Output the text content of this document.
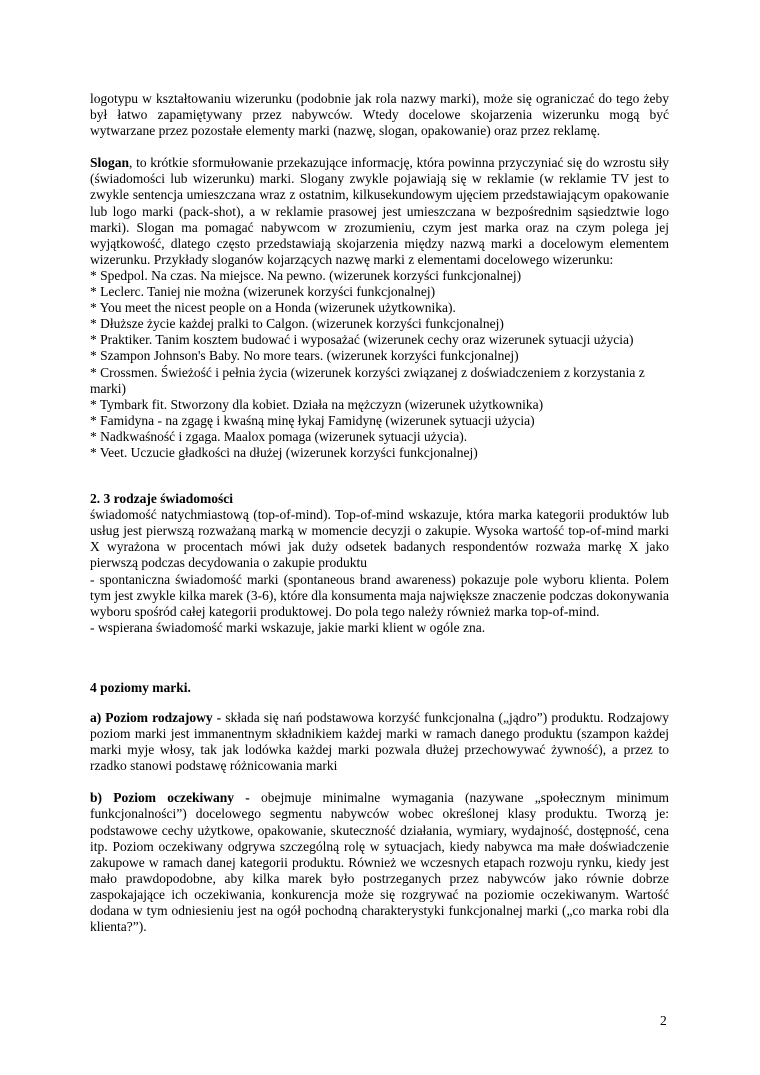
logotypu w kształtowaniu wizerunku (podobnie jak rola nazwy marki), może się ograniczać do tego żeby był łatwo zapamiętywany przez nabywców. Wtedy docelowe skojarzenia wizerunku mogą być wytwarzane przez pozostałe elementy marki (nazwę, slogan, opakowanie) oraz przez reklamę.

Slogan, to krótkie sformułowanie przekazujące informację, która powinna przyczyniać się do wzrostu siły (świadomości lub wizerunku) marki. Slogany zwykle pojawiają się w reklamie (w reklamie TV jest to zwykle sentencja umieszczana wraz z ostatnim, kilkusekundowym ujęciem przedstawiającym opakowanie lub logo marki (pack-shot), a w reklamie prasowej jest umieszczana w bezpośrednim sąsiedztwie logo marki). Slogan ma pomagać nabywcom w zrozumieniu, czym jest marka oraz na czym polega jej wyjątkowość, dlatego często przedstawiają skojarzenia między nazwą marki a docelowym elementem wizerunku. Przykłady sloganów kojarzących nazwę marki z elementami docelowego wizerunku:

* Spedpol. Na czas. Na miejsce. Na pewno. (wizerunek korzyści funkcjonalnej)

* Leclerc. Taniej nie można (wizerunek korzyści funkcjonalnej)

* You meet the nicest people on a Honda (wizerunek użytkownika).

* Dłuższe życie każdej pralki to Calgon. (wizerunek korzyści funkcjonalnej)

* Praktiker. Tanim kosztem budować i wyposażać (wizerunek cechy oraz wizerunek sytuacji użycia)

* Szampon Johnson's Baby. No more tears. (wizerunek korzyści funkcjonalnej)

* Crossmen. Świeżość i pełnia życia (wizerunek korzyści związanej z doświadczeniem z korzystania z marki)

* Tymbark fit. Stworzony dla kobiet. Działa na mężczyzn (wizerunek użytkownika)

* Famidyna - na zgagę i kwaśną minę łykaj Famidynę (wizerunek sytuacji użycia)

* Nadkwaśność i zgaga. Maalox pomaga (wizerunek sytuacji użycia).

* Veet. Uczucie gładkości na dłużej (wizerunek korzyści funkcjonalnej)

2. 3 rodzaje świadomości

świadomość natychmiastową (top-of-mind). Top-of-mind wskazuje, która marka kategorii produktów lub usług jest pierwszą rozważaną marką w momencie decyzji o zakupie. Wysoka wartość top-of-mind marki X wyrażona w procentach mówi jak duży odsetek badanych respondentów rozważa markę X jako pierwszą podczas decydowania o zakupie produktu

- spontaniczna świadomość marki (spontaneous brand awareness) pokazuje pole wyboru klienta. Polem tym jest zwykle kilka marek (3-6), które dla konsumenta maja największe znaczenie podczas dokonywania wyboru spośród całej kategorii produktowej. Do pola tego należy również marka top-of-mind.

- wspierana świadomość marki wskazuje, jakie marki klient w ogóle zna.

4 poziomy marki.

a) Poziom rodzajowy - składa się nań podstawowa korzyść funkcjonalna („jądro”) produktu. Rodzajowy poziom marki jest immanentnym składnikiem każdej marki w ramach danego produktu (szampon każdej marki myje włosy, tak jak lodówka każdej marki pozwala dłużej przechowywać żywność), a przez to rzadko stanowi podstawę różnicowania marki

b) Poziom oczekiwany - obejmuje minimalne wymagania (nazywane „społecznym minimum funkcjonalności”) docelowego segmentu nabywców wobec określonej klasy produktu. Tworzą je: podstawowe cechy użytkowe, opakowanie, skuteczność działania, wymiary, wydajność, dostępność, cena itp. Poziom oczekiwany odgrywa szczególną rolę w sytuacjach, kiedy nabywca ma małe doświadczenie zakupowe w ramach danej kategorii produktu. Również we wczesnych etapach rozwoju rynku, kiedy jest mało prawdopodobne, aby kilka marek było postrzeganych przez nabywców jako równie dobrze zaspokajające ich oczekiwania, konkurencja może się rozgrywać na poziomie oczekiwanym. Wartość dodana w tym odniesieniu jest na ogół pochodną charakterystyki funkcjonalnej marki („co marka robi dla klienta?”).

2
